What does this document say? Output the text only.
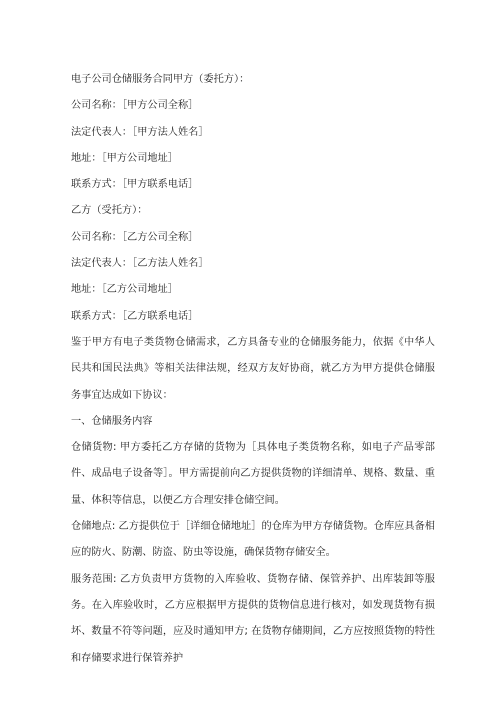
电子公司仓储服务合同甲方（委托方）：
公司名称：［甲方公司全称］
法定代表人：［甲方法人姓名］
地址：［甲方公司地址］
联系方式：［甲方联系电话］
乙方（受托方）：
公司名称：［乙方公司全称］
法定代表人：［乙方法人姓名］
地址：［乙方公司地址］
联系方式：［乙方联系电话］
鉴于甲方有电子类货物仓储需求，乙方具备专业的仓储服务能力，依据《中华人民共和国民法典》等相关法律法规，经双方友好协商，就乙方为甲方提供仓储服务事宜达成如下协议：
一、仓储服务内容
仓储货物: 甲方委托乙方存储的货物为［具体电子类货物名称，如电子产品零部件、成品电子设备等］。甲方需提前向乙方提供货物的详细清单、规格、数量、重量、体积等信息，以便乙方合理安排仓储空间。
仓储地点: 乙方提供位于［详细仓储地址］的仓库为甲方存储货物。仓库应具备相应的防火、防潮、防盗、防虫等设施，确保货物存储安全。
服务范围: 乙方负责甲方货物的入库验收、货物存储、保管养护、出库装卸等服务。在入库验收时，乙方应根据甲方提供的货物信息进行核对，如发现货物有损坏、数量不符等问题，应及时通知甲方; 在货物存储期间，乙方应按照货物的特性和存储要求进行保管养护
